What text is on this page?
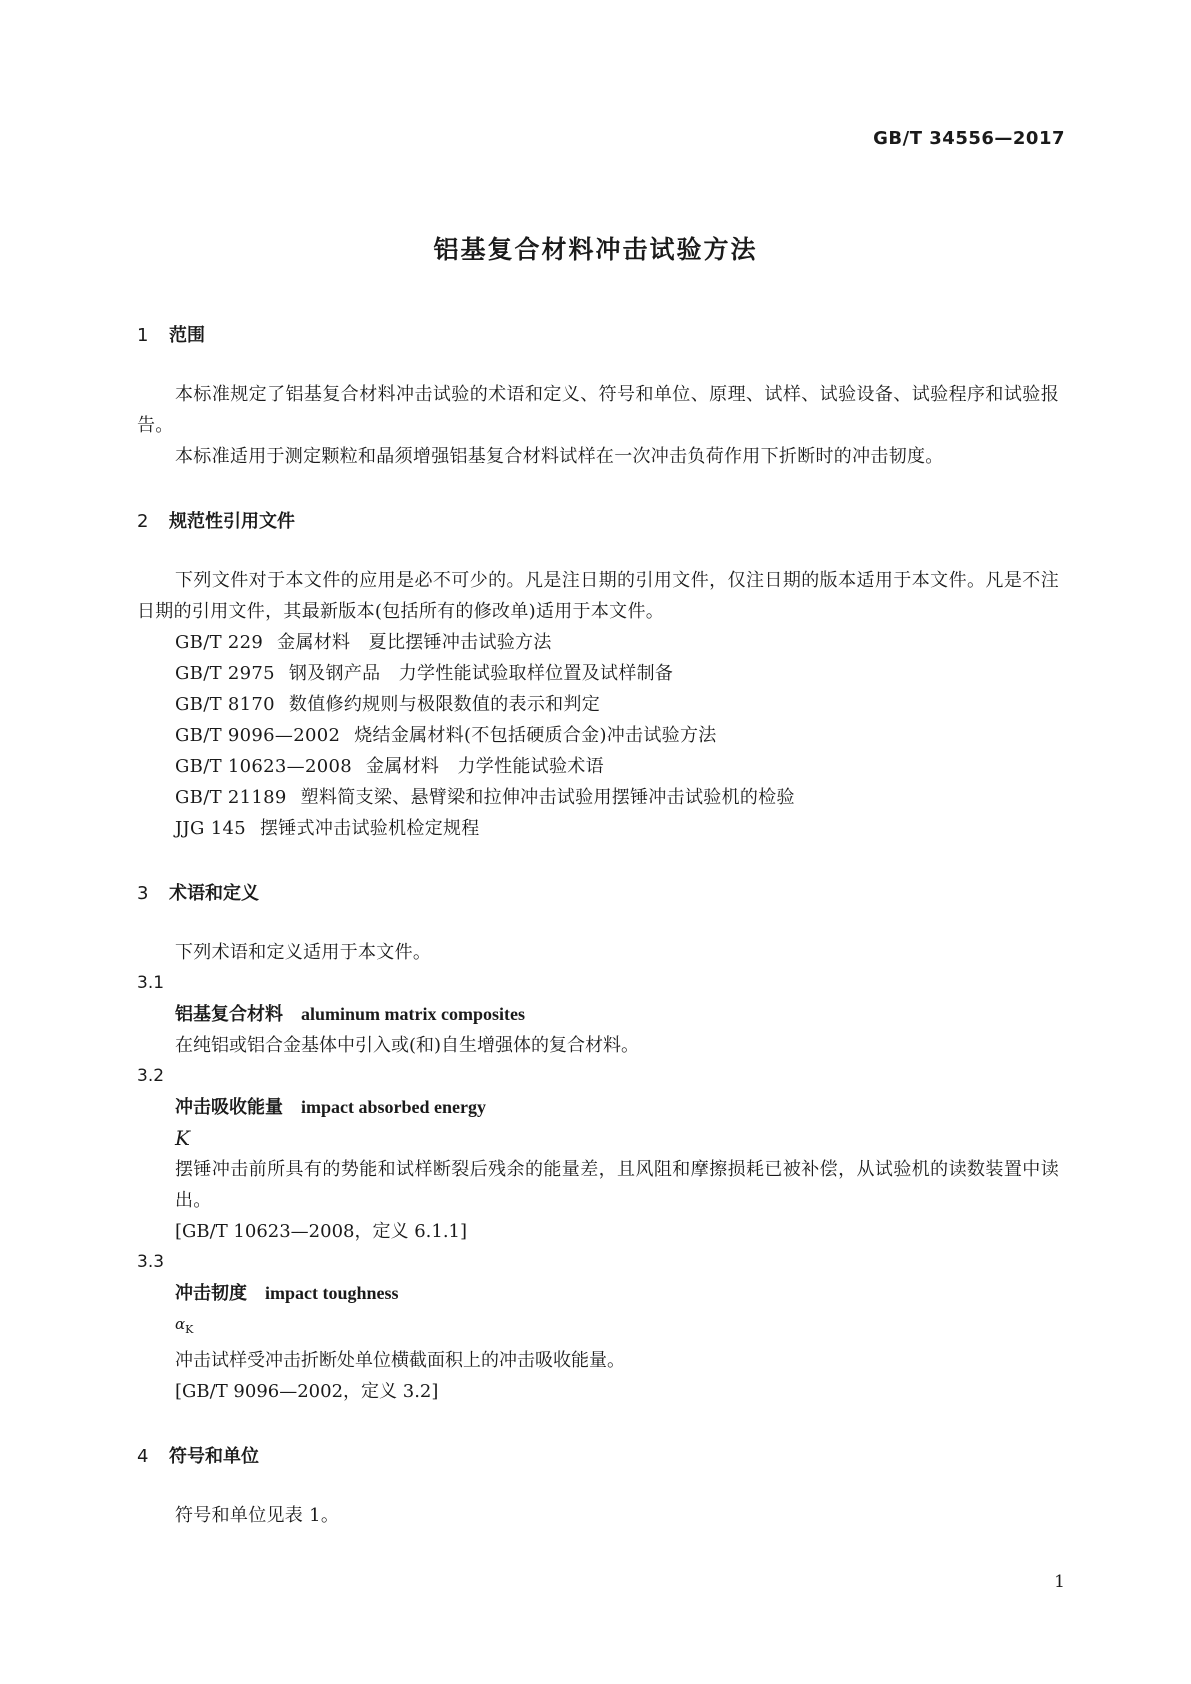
GB/T 34556—2017
铝基复合材料冲击试验方法
1 范围

本标准规定了铝基复合材料冲击试验的术语和定义、符号和单位、原理、试样、试验设备、试验程序和试验报告。

本标准适用于测定颗粒和晶须增强铝基复合材料试样在一次冲击负荷作用下折断时的冲击韧度。

2 规范性引用文件

下列文件对于本文件的应用是必不可少的。凡是注日期的引用文件，仅注日期的版本适用于本文件。凡是不注日期的引用文件，其最新版本(包括所有的修改单)适用于本文件。

GB/T 229 金属材料　夏比摆锤冲击试验方法

GB/T 2975 钢及钢产品　力学性能试验取样位置及试样制备

GB/T 8170 数值修约规则与极限数值的表示和判定

GB/T 9096—2002 烧结金属材料(不包括硬质合金)冲击试验方法

GB/T 10623—2008 金属材料　力学性能试验术语

GB/T 21189 塑料简支梁、悬臂梁和拉伸冲击试验用摆锤冲击试验机的检验

JJG 145 摆锤式冲击试验机检定规程

3 术语和定义

下列术语和定义适用于本文件。

3.1

铝基复合材料 aluminum matrix composites

在纯铝或铝合金基体中引入或(和)自生增强体的复合材料。

3.2

冲击吸收能量 impact absorbed energy

K

摆锤冲击前所具有的势能和试样断裂后残余的能量差，且风阻和摩擦损耗已被补偿，从试验机的读数装置中读出。

[GB/T 10623—2008，定义 6.1.1]

3.3

冲击韧度 impact toughness

$\alpha_K$

冲击试样受冲击折断处单位横截面积上的冲击吸收能量。

[GB/T 9096—2002，定义 3.2]

4 符号和单位

符号和单位见表 1。

1
